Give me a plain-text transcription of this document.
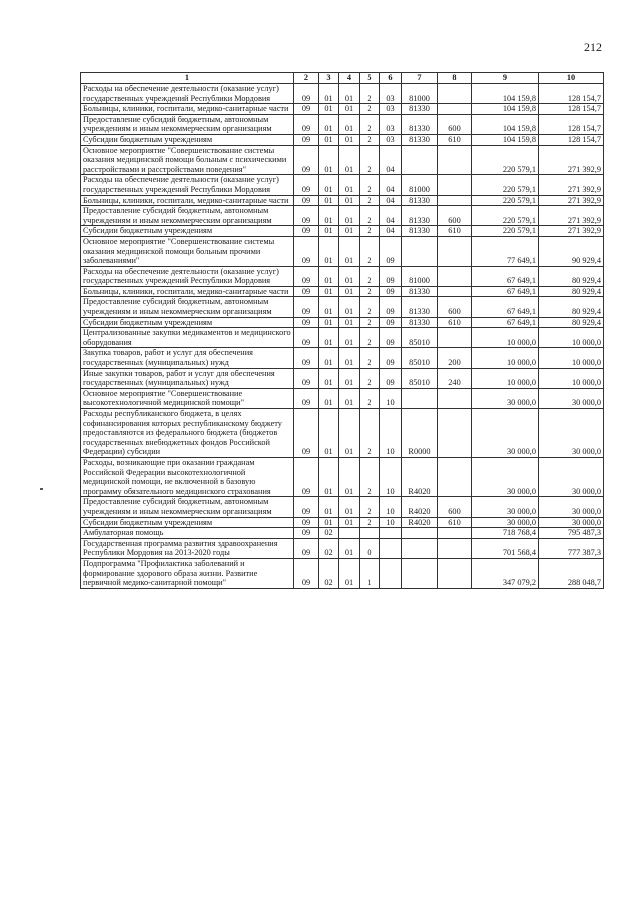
212
1	2	3	4	5	6	7	8	9	10
Расходы на обеспечение деятельности (оказание услуг) государственных учреждений Республики Мордовия	09	01	01	2	03	81000		104 159,8	128 154,7
Больницы, клиники, госпитали, медико-санитарные части	09	01	01	2	03	81330		104 159,8	128 154,7
Предоставление субсидий бюджетным, автономным учреждениям и иным некоммерческим организациям	09	01	01	2	03	81330	600	104 159,8	128 154,7
Субсидии бюджетным учреждениям	09	01	01	2	03	81330	610	104 159,8	128 154,7
Основное мероприятие "Совершенствование системы оказания медицинской помощи больным с психическими расстройствами и расстройствами поведения"	09	01	01	2	04			220 579,1	271 392,9
Расходы на обеспечение деятельности (оказание услуг) государственных учреждений Республики Мордовия	09	01	01	2	04	81000		220 579,1	271 392,9
Больницы, клиники, госпитали, медико-санитарные части	09	01	01	2	04	81330		220 579,1	271 392,9
Предоставление субсидий бюджетным, автономным учреждениям и иным некоммерческим организациям	09	01	01	2	04	81330	600	220 579,1	271 392,9
Субсидии бюджетным учреждениям	09	01	01	2	04	81330	610	220 579,1	271 392,9
Основное мероприятие "Совершенствование системы оказания медицинской помощи больным прочими заболеваниями"	09	01	01	2	09			77 649,1	90 929,4
Расходы на обеспечение деятельности (оказание услуг) государственных учреждений Республики Мордовия	09	01	01	2	09	81000		67 649,1	80 929,4
Больницы, клиники, госпитали, медико-санитарные части	09	01	01	2	09	81330		67 649,1	80 929,4
Предоставление субсидий бюджетным, автономным учреждениям и иным некоммерческим организациям	09	01	01	2	09	81330	600	67 649,1	80 929,4
Субсидии бюджетным учреждениям	09	01	01	2	09	81330	610	67 649,1	80 929,4
Централизованные закупки медикаментов и медицинского оборудования	09	01	01	2	09	85010		10 000,0	10 000,0
Закупка товаров, работ и услуг для обеспечения государственных (муниципальных) нужд	09	01	01	2	09	85010	200	10 000,0	10 000,0
Иные закупки товаров, работ и услуг для обеспечения государственных (муниципальных) нужд	09	01	01	2	09	85010	240	10 000,0	10 000,0
Основное мероприятие "Совершенствование высокотехнологичной медицинской помощи"	09	01	01	2	10			30 000,0	30 000,0
Расходы республиканского бюджета, в целях софинансирования которых республиканскому бюджету предоставляются из федерального бюджета (бюджетов государственных внебюджетных фондов Российской Федерации) субсидии	09	01	01	2	10	R0000		30 000,0	30 000,0
Расходы, возникающие при оказании гражданам Российской Федерации высокотехнологичной медицинской помощи, не включенной в базовую программу обязательного медицинского страхования	09	01	01	2	10	R4020		30 000,0	30 000,0
Предоставление субсидий бюджетным, автономным учреждениям и иным некоммерческим организациям	09	01	01	2	10	R4020	600	30 000,0	30 000,0
Субсидии бюджетным учреждениям	09	01	01	2	10	R4020	610	30 000,0	30 000,0
Амбулаторная помощь	09	02						718 768,4	795 487,3
Государственная программа развития здравоохранения Республики Мордовия на 2013-2020 годы	09	02	01	0				701 568,4	777 387,3
Подпрограмма "Профилактика заболеваний и формирование здорового образа жизни. Развитие первичной медико-санитарной помощи"	09	02	01	1				347 079,2	288 048,7
